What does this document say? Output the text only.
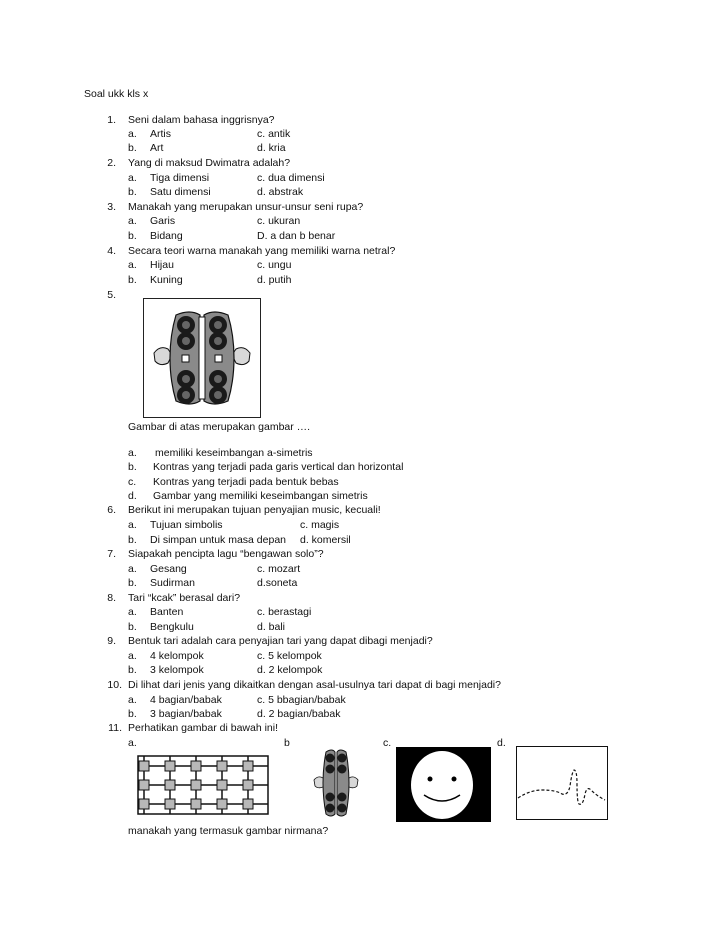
Soal ukk kls x
1. Seni dalam bahasa inggrisnya?
a. Artis	c. antik
b. Art	d. kria
2. Yang di maksud Dwimatra adalah?
a. Tiga dimensi	c. dua dimensi
b. Satu dimensi	d. abstrak
3. Manakah yang merupakan unsur-unsur seni rupa?
a. Garis	c. ukuran
b. Bidang	D. a dan b benar
4. Secara teori warna manakah yang memiliki warna netral?
a. Hijau	c. ungu
b. Kuning	d. putih
5.
Gambar di atas merupakan gambar ….
a. memiliki keseimbangan a-simetris
b. Kontras yang terjadi pada garis vertical dan horizontal
c. Kontras yang terjadi pada bentuk bebas
d. Gambar yang memiliki keseimbangan simetris
6. Berikut ini merupakan tujuan penyajian music, kecuali!
a. Tujuan simbolis	c. magis
b. Di simpan untuk masa depan d. komersil
7. Siapakah pencipta lagu “bengawan solo”?
a. Gesang	c. mozart
b. Sudirman	d.soneta
8. Tari “kcak” berasal dari?
a. Banten	c. berastagi
b. Bengkulu	d. bali
9. Bentuk tari adalah cara penyajian tari yang dapat dibagi menjadi?
a. 4 kelompok	c. 5 kelompok
b. 3 kelompok	d. 2 kelompok
10. Di lihat dari jenis yang dikaitkan dengan asal-usulnya tari dapat di bagi menjadi?
a. 4 bagian/babak	c. 5 bbagian/babak
b. 3 bagian/babak	d. 2 bagian/babak
11. Perhatikan gambar di bawah ini!
a.	b	c.	d.
manakah yang termasuk gambar nirmana?
